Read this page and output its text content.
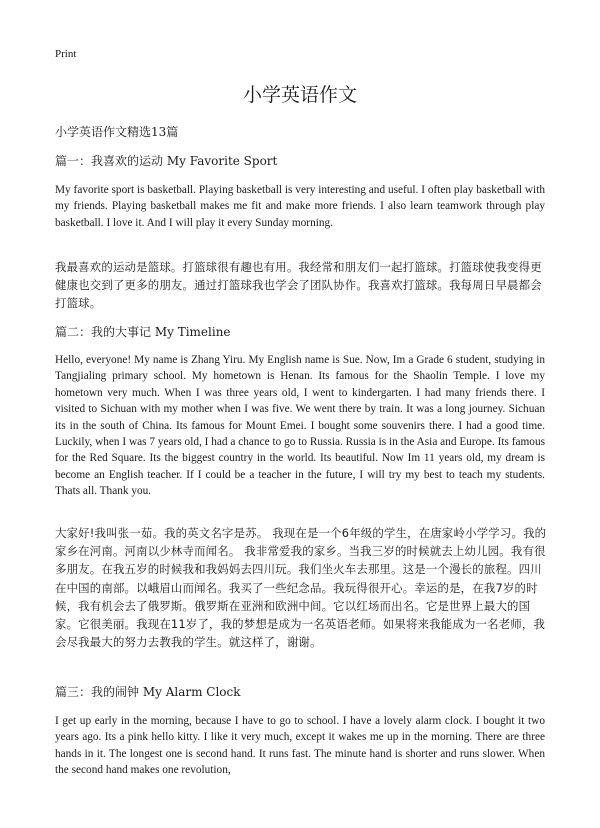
Print
小学英语作文
小学英语作文精选13篇
篇一：我喜欢的运动 My Favorite Sport
My favorite sport is basketball. Playing basketball is very interesting and useful. I often play basketball with my friends. Playing basketball makes me fit and make more friends. I also learn teamwork through play basketball. I love it. And I will play it every Sunday morning.
我最喜欢的运动是篮球。打篮球很有趣也有用。我经常和朋友们一起打篮球。打篮球使我变得更健康也交到了更多的朋友。通过打篮球我也学会了团队协作。我喜欢打篮球。我每周日早晨都会打篮球。
篇二：我的大事记 My Timeline
Hello, everyone! My name is Zhang Yiru. My English name is Sue. Now, Im a Grade 6 student, studying in Tangjialing primary school. My hometown is Henan. Its famous for the Shaolin Temple. I love my hometown very much. When I was three years old, I went to kindergarten. I had many friends there. I visited to Sichuan with my mother when I was five. We went there by train. It was a long journey. Sichuan its in the south of China. Its famous for Mount Emei. I bought some souvenirs there. I had a good time. Luckily, when I was 7 years old, I had a chance to go to Russia. Russia is in the Asia and Europe. Its famous for the Red Square. Its the biggest country in the world. Its beautiful. Now Im 11 years old, my dream is become an English teacher. If I could be a teacher in the future, I will try my best to teach my students. Thats all. Thank you.
大家好!我叫张一茹。我的英文名字是苏。 我现在是一个6年级的学生，在唐家岭小学学习。我的家乡在河南。河南以少林寺而闻名。 我非常爱我的家乡。当我三岁的时候就去上幼儿园。我有很多朋友。在我五岁的时候我和我妈妈去四川玩。我们坐火车去那里。这是一个漫长的旅程。四川在中国的南部。以峨眉山而闻名。我买了一些纪念品。我玩得很开心。幸运的是，在我7岁的时候，我有机会去了俄罗斯。俄罗斯在亚洲和欧洲中间。它以红场而出名。它是世界上最大的国家。它很美丽。我现在11岁了，我的梦想是成为一名英语老师。如果将来我能成为一名老师，我会尽我最大的努力去教我的学生。就这样了，谢谢。
篇三：我的闹钟 My Alarm Clock
I get up early in the morning, because I have to go to school. I have a lovely alarm clock. I bought it two years ago. Its a pink hello kitty. I like it very much, except it wakes me up in the morning. There are three hands in it. The longest one is second hand. It runs fast. The minute hand is shorter and runs slower. When the second hand makes one revolution,
